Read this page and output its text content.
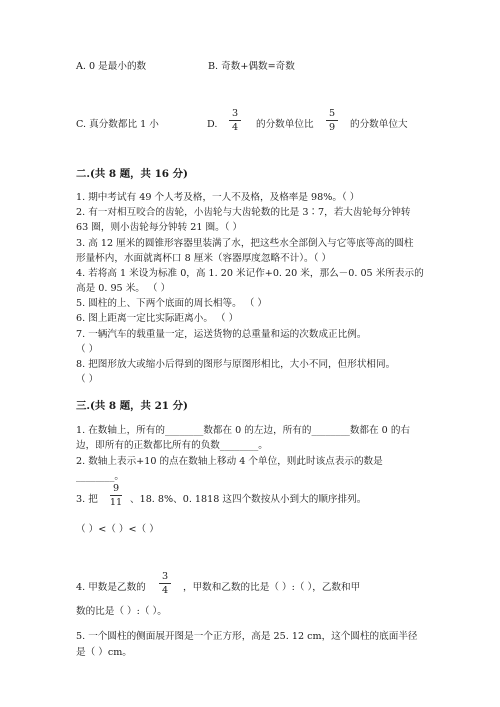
A. 0 是最小的数	B. 奇数+偶数=奇数
C. 真分数都比 1 小	D.
3
4	的分数单位比
5
9	的分数单位大
二.(共 8 题，共 16 分)
1. 期中考试有 49 个人考及格，一人不及格，及格率是 98%。（ ）
2. 有一对相互咬合的齿轮，小齿轮与大齿轮数的比是 3∶7，若大齿轮每分钟转
63 圈，则小齿轮每分钟转 21 圈。（ ）
3. 高 12 厘米的圆锥形容器里装满了水，把这些水全部倒入与它等底等高的圆柱
形量杯内，水面就离杯口 8 厘米（容器厚度忽略不计）。（ ）
4. 若将高 1 米设为标准 0，高 1. 20 米记作+0. 20 米，那么－0. 05 米所表示的
高是 0. 95 米。 （ ）
5. 圆柱的上、下两个底面的周长相等。 （ ）
6. 图上距离一定比实际距离小。 （ ）
7. 一辆汽车的载重量一定，运送货物的总重量和运的次数成正比例。
（ ）
8. 把图形放大或缩小后得到的图形与原图形相比，大小不同，但形状相同。
（ ）
三.(共 8 题，共 21 分)
1. 在数轴上，所有的________数都在 0 的左边，所有的________数都在 0 的右
边，即所有的正数都比所有的负数________。
2. 数轴上表示+10 的点在数轴上移动 4 个单位，则此时该点表示的数是
________。
3. 把
9
11 、18. 8%、0. 1818 这四个数按从小到大的顺序排列。
（ ）<（ ）<（ ）
4. 甲数是乙数的
3
4	，甲数和乙数的比是（ ）:（ ），乙数和甲
数的比是（ ）:（ ）。
5. 一个圆柱的侧面展开图是一个正方形，高是 25. 12 cm，这个圆柱的底面半径
是（ ）cm。
